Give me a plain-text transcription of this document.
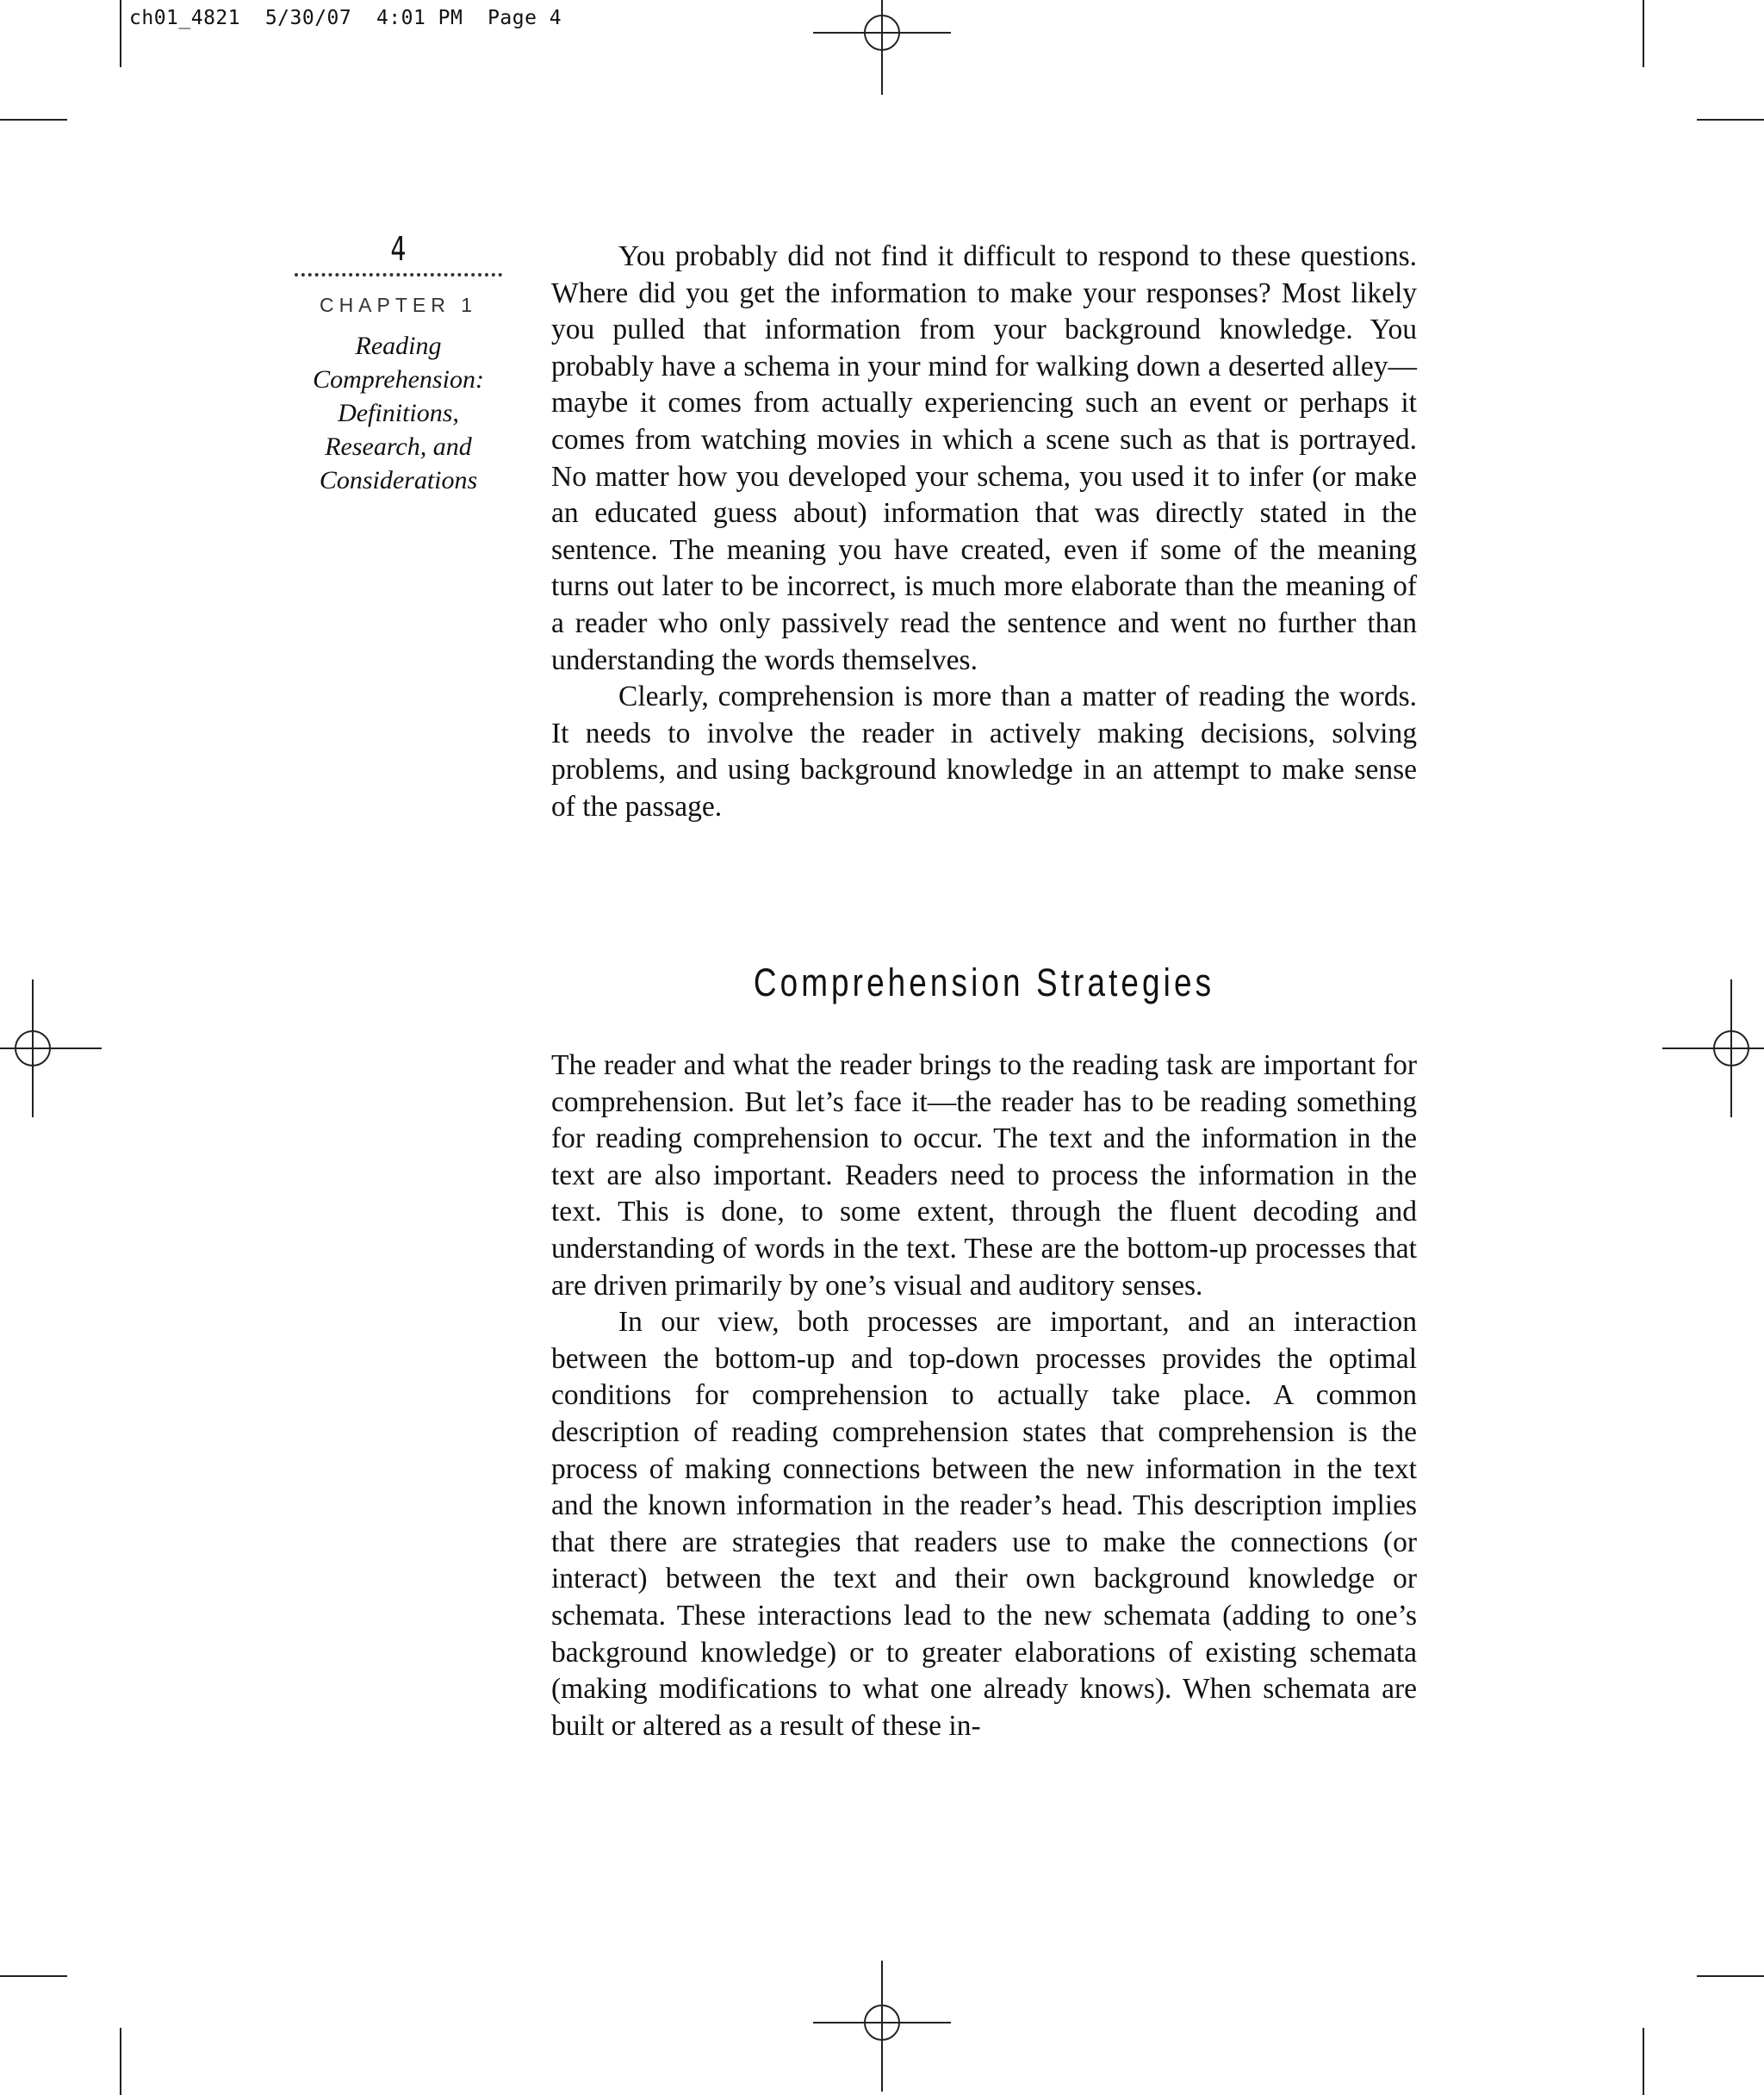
ch01_4821  5/30/07  4:01 PM  Page 4
4
CHAPTER 1
Reading
Comprehension:
Definitions,
Research, and
Considerations

You probably did not find it difficult to respond to these questions. Where did you get the information to make your responses? Most likely you pulled that information from your background knowledge. You probably have a schema in your mind for walking down a deserted alley—maybe it comes from actually experiencing such an event or perhaps it comes from watching movies in which a scene such as that is portrayed. No matter how you developed your schema, you used it to infer (or make an educated guess about) information that was directly stated in the sentence. The meaning you have created, even if some of the meaning turns out later to be incorrect, is much more elaborate than the meaning of a reader who only passively read the sentence and went no further than understanding the words themselves.

Clearly, comprehension is more than a matter of reading the words. It needs to involve the reader in actively making decisions, solving problems, and using background knowledge in an attempt to make sense of the passage.

Comprehension Strategies

The reader and what the reader brings to the reading task are important for comprehension. But let’s face it—the reader has to be reading something for reading comprehension to occur. The text and the information in the text are also important. Readers need to process the information in the text. This is done, to some extent, through the fluent decoding and understanding of words in the text. These are the bottom-up processes that are driven primarily by one’s visual and auditory senses.

In our view, both processes are important, and an interaction between the bottom-up and top-down processes provides the optimal conditions for comprehension to actually take place. A common description of reading comprehension states that comprehension is the process of making connections between the new information in the text and the known information in the reader’s head. This description implies that there are strategies that readers use to make the connections (or interact) between the text and their own background knowledge or schemata. These interactions lead to the new schemata (adding to one’s background knowledge) or to greater elaborations of existing schemata (making modifications to what one already knows). When schemata are built or altered as a result of these in-
